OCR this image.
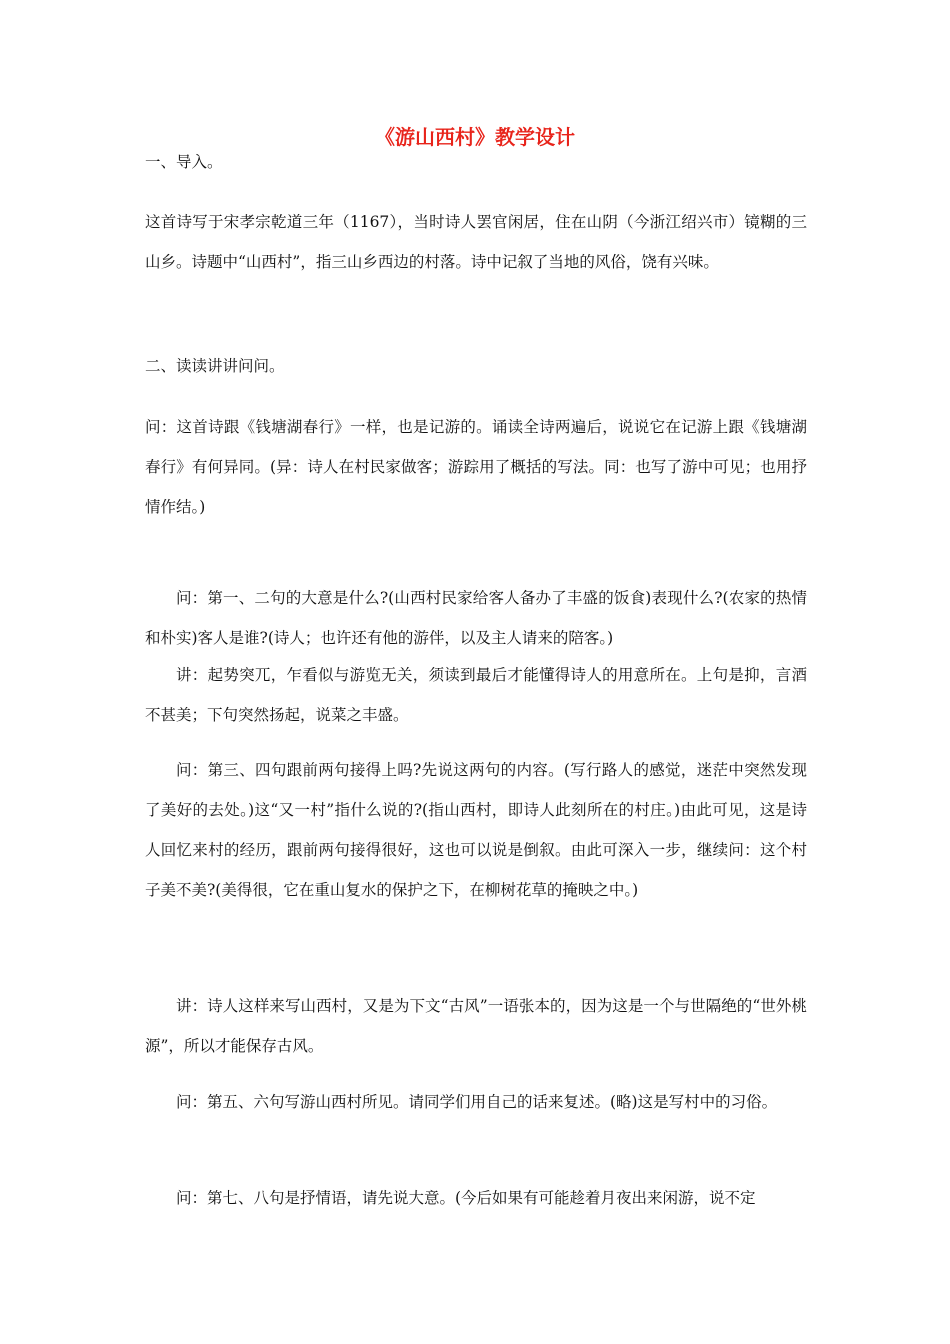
《游山西村》教学设计

一、导入。

这首诗写于宋孝宗乾道三年（1167），当时诗人罢官闲居，住在山阴（今浙江绍兴市）镜糊的三山乡。诗题中“山西村”，指三山乡西边的村落。诗中记叙了当地的风俗，饶有兴味。

二、读读讲讲问问。

问：这首诗跟《钱塘湖春行》一样，也是记游的。诵读全诗两遍后，说说它在记游上跟《钱塘湖春行》有何异同。(异：诗人在村民家做客；游踪用了概括的写法。同：也写了游中可见；也用抒情作结。)

问：第一、二句的大意是什么?(山西村民家给客人备办了丰盛的饭食)表现什么?(农家的热情和朴实)客人是谁?(诗人；也许还有他的游伴，以及主人请来的陪客。)

讲：起势突兀，乍看似与游览无关，须读到最后才能懂得诗人的用意所在。上句是抑，言酒不甚美；下句突然扬起，说菜之丰盛。

问：第三、四句跟前两句接得上吗?先说这两句的内容。(写行路人的感觉，迷茫中突然发现了美好的去处。)这“又一村”指什么说的?(指山西村，即诗人此刻所在的村庄。)由此可见，这是诗人回忆来村的经历，跟前两句接得很好，这也可以说是倒叙。由此可深入一步，继续问：这个村子美不美?(美得很，它在重山复水的保护之下，在柳树花草的掩映之中。)

讲：诗人这样来写山西村，又是为下文“古风”一语张本的，因为这是一个与世隔绝的“世外桃源”，所以才能保存古风。

问：第五、六句写游山西村所见。请同学们用自己的话来复述。(略)这是写村中的习俗。

问：第七、八句是抒情语，请先说大意。(今后如果有可能趁着月夜出来闲游，说不定
